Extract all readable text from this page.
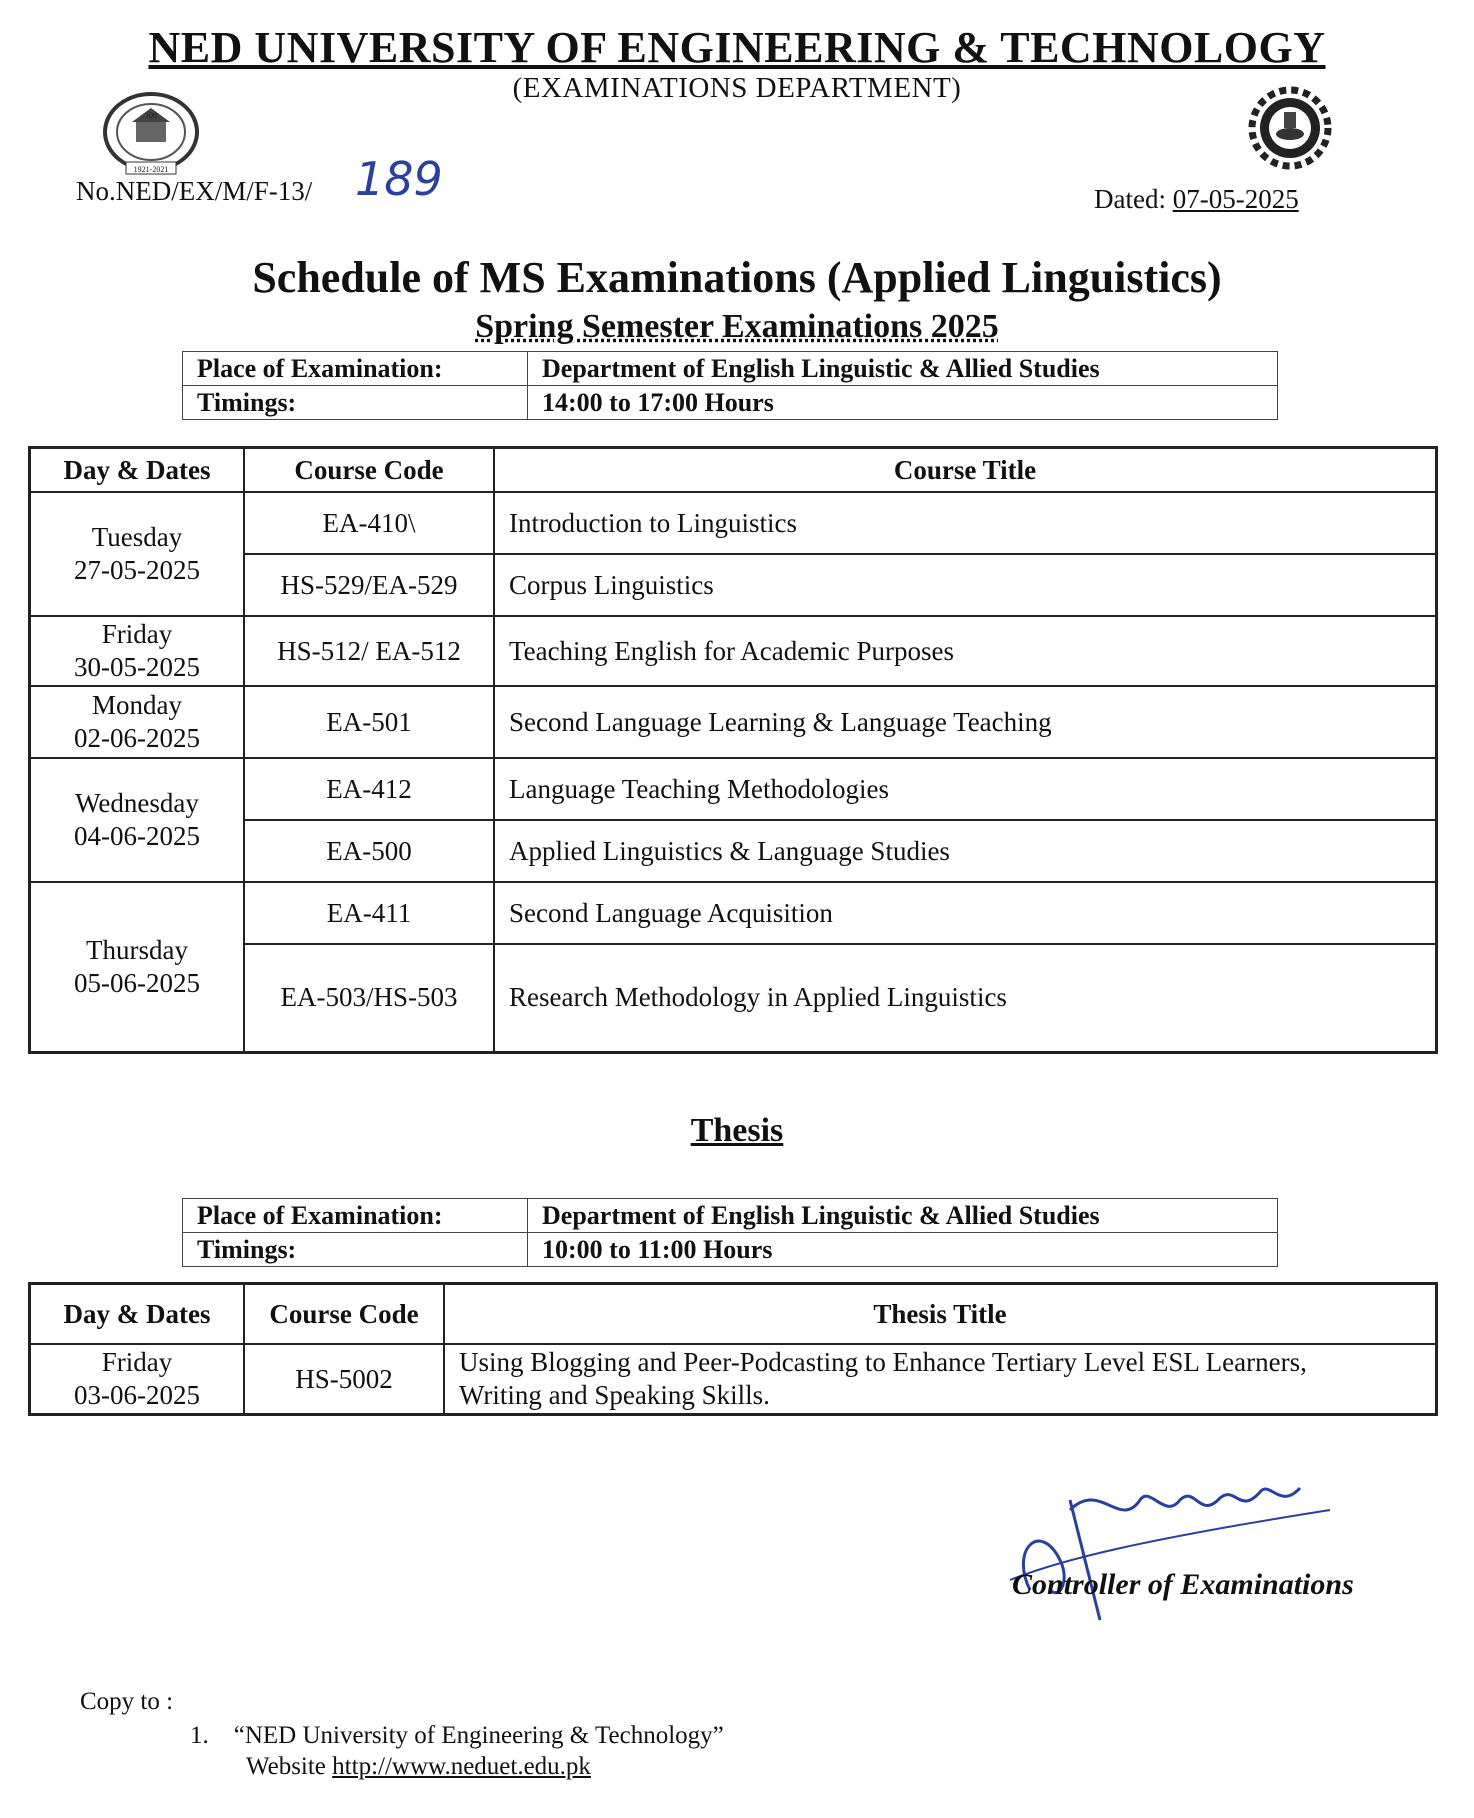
NED UNIVERSITY OF ENGINEERING & TECHNOLOGY
(EXAMINATIONS DEPARTMENT)
1921-2021
100
No.NED/EX/M/F-13/ 189	Dated: 07-05-2025
Schedule of MS Examinations (Applied Linguistics)
Spring Semester Examinations 2025
Place of Examination:	Department of English Linguistic & Allied Studies
Timings:	14:00 to 17:00 Hours
Day & Dates	Course Code	Course Title
Tuesday
27-05-2025	EA-410\	Introduction to Linguistics
	HS-529/EA-529	Corpus Linguistics
Friday
30-05-2025	HS-512/ EA-512	Teaching English for Academic Purposes
Monday
02-06-2025	EA-501	Second Language Learning & Language Teaching
Wednesday
04-06-2025	EA-412	Language Teaching Methodologies
	EA-500	Applied Linguistics & Language Studies
Thursday
05-06-2025	EA-411	Second Language Acquisition
	EA-503/HS-503	Research Methodology in Applied Linguistics
Thesis
Place of Examination:	Department of English Linguistic & Allied Studies
Timings:	10:00 to 11:00 Hours
Day & Dates	Course Code	Thesis Title
Friday
03-06-2025	HS-5002	Using Blogging and Peer-Podcasting to Enhance Tertiary Level ESL Learners,
Writing and Speaking Skills.
Controller of Examinations
Copy to :
1. “NED University of Engineering & Technology”
Website http://www.neduet.edu.pk
